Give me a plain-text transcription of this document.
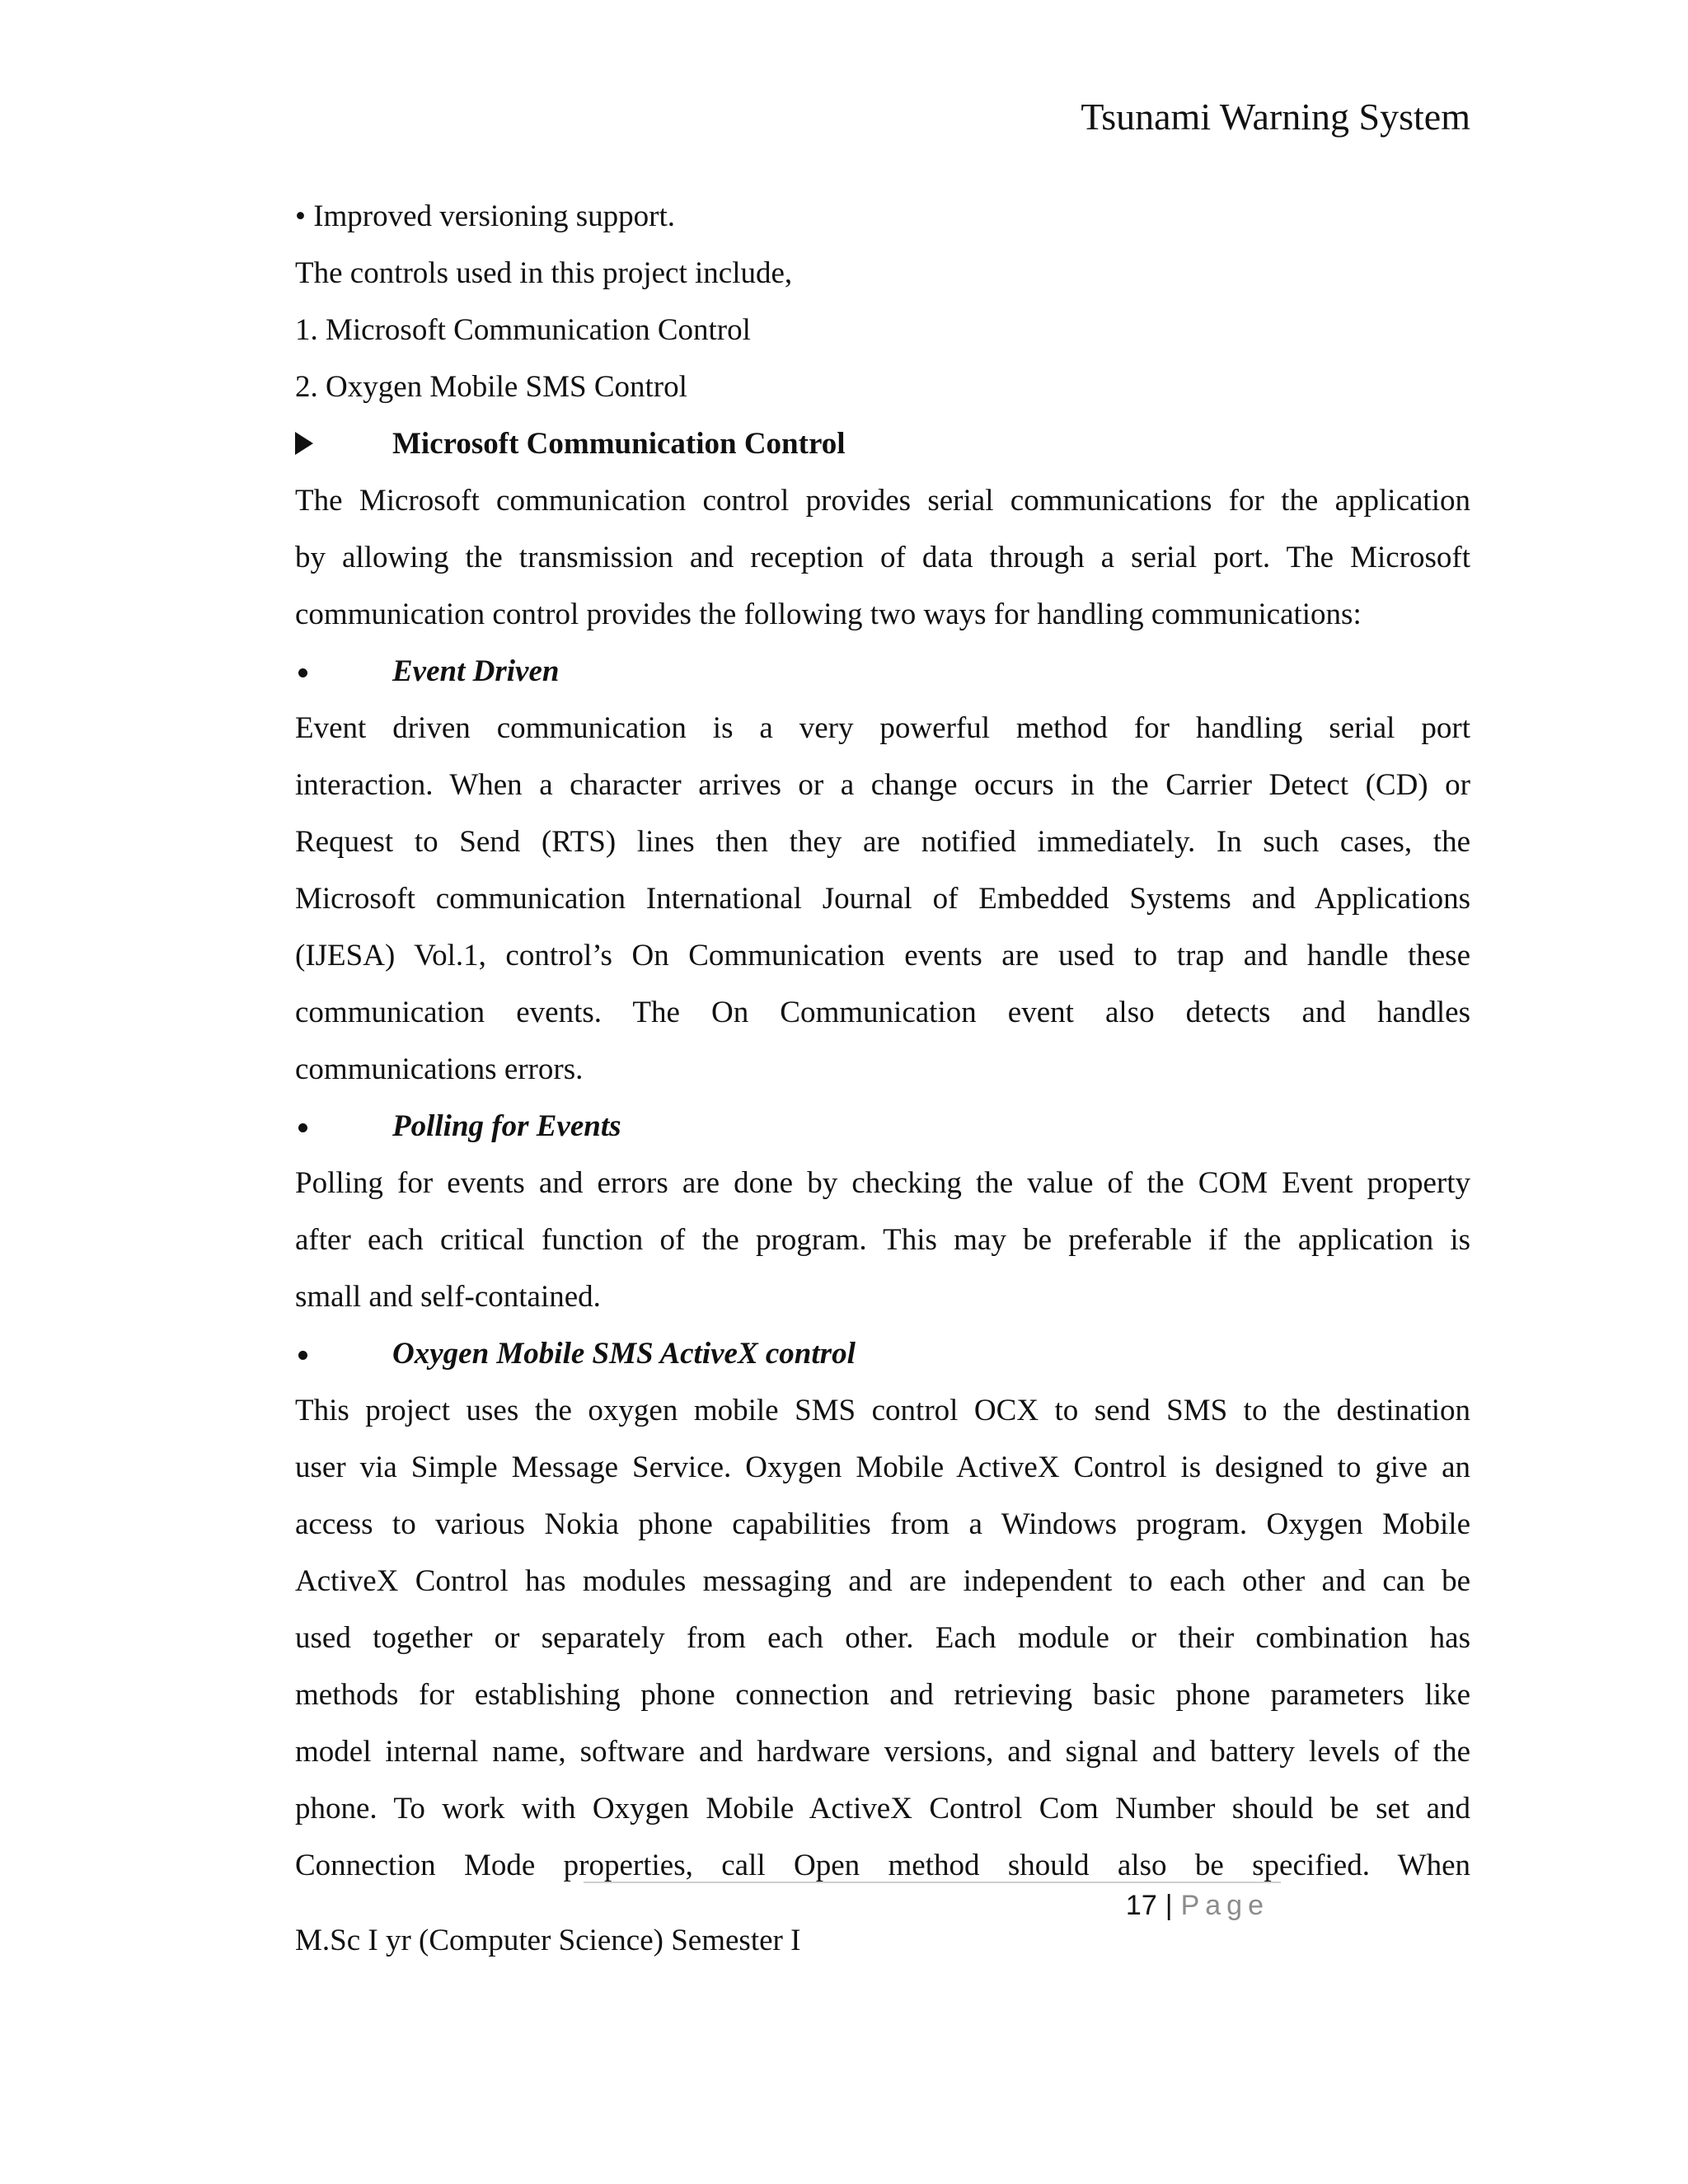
Tsunami Warning System
• Improved versioning support.
The controls used in this project include,
1. Microsoft Communication Control
2. Oxygen Mobile SMS Control
Microsoft Communication Control
The Microsoft communication control provides serial communications for the application
by allowing the transmission and reception of data through a serial port. The Microsoft
communication control provides the following two ways for handling communications:
Event Driven
Event driven communication is a very powerful method for handling serial port
interaction. When a character arrives or a change occurs in the Carrier Detect (CD) or
Request to Send (RTS) lines then they are notified immediately. In such cases, the
Microsoft communication International Journal of Embedded Systems and Applications
(IJESA) Vol.1, control’s On Communication events are used to trap and handle these
communication events. The On Communication event also detects and handles
communications errors.
Polling for Events
Polling for events and errors are done by checking the value of the COM Event property
after each critical function of the program. This may be preferable if the application is
small and self-contained.
Oxygen Mobile SMS ActiveX control
This project uses the oxygen mobile SMS control OCX to send SMS to the destination
user via Simple Message Service. Oxygen Mobile ActiveX Control is designed to give an
access to various Nokia phone capabilities from a Windows program. Oxygen Mobile
ActiveX Control has modules messaging and are independent to each other and can be
used together or separately from each other. Each module or their combination has
methods for establishing phone connection and retrieving basic phone parameters like
model internal name, software and hardware versions, and signal and battery levels of the
phone. To work with Oxygen Mobile ActiveX Control Com Number should be set and
Connection Mode properties, call Open method should also be specified. When
17 | Page
M.Sc I yr (Computer Science) Semester I
